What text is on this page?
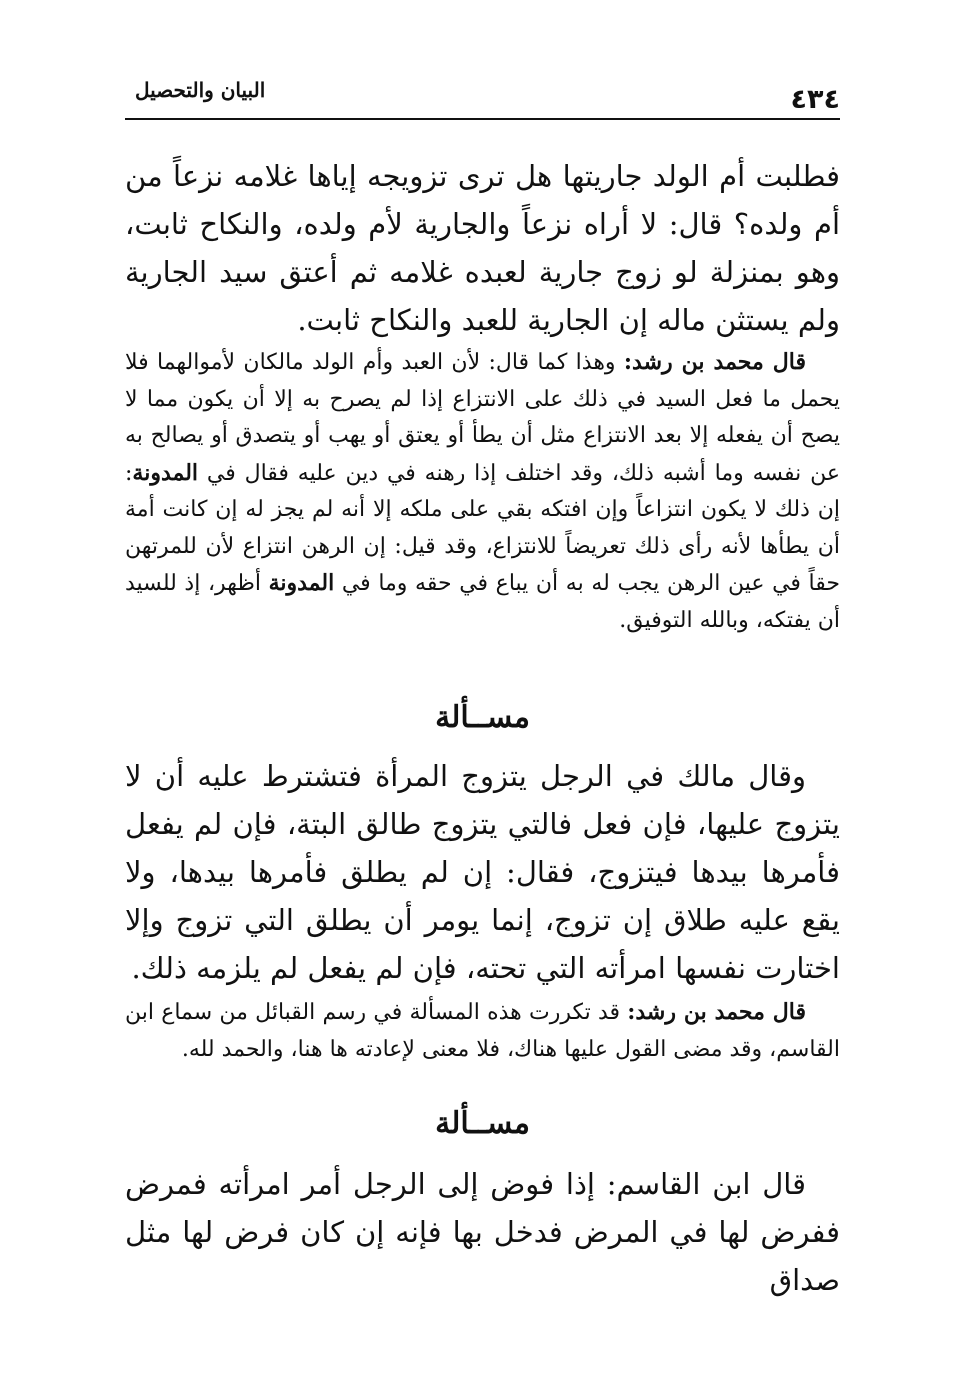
٤٣٤
البيان والتحصيل
فطلبت أم الولد جاريتها هل ترى تزويجه إياها غلامه نزعاً من أم ولده؟ قال: لا أراه نزعاً والجارية لأم ولده، والنكاح ثابت، وهو بمنزلة لو زوج جارية لعبده غلامه ثم أعتق سيد الجارية ولم يستثن ماله إن الجارية للعبد والنكاح ثابت.
قال محمد بن رشد: وهذا كما قال: لأن العبد وأم الولد مالكان لأموالهما فلا يحمل ما فعل السيد في ذلك على الانتزاع إذا لم يصرح به إلا أن يكون مما لا يصح أن يفعله إلا بعد الانتزاع مثل أن يطأ أو يعتق أو يهب أو يتصدق أو يصالح به عن نفسه وما أشبه ذلك، وقد اختلف إذا رهنه في دين عليه فقال في المدونة: إن ذلك لا يكون انتزاعاً وإن افتكه بقي على ملكه إلا أنه لم يجز له إن كانت أمة أن يطأها لأنه رأى ذلك تعريضاً للانتزاع، وقد قيل: إن الرهن انتزاع لأن للمرتهن حقاً في عين الرهن يجب له به أن يباع في حقه وما في المدونة أظهر، إذ للسيد أن يفتكه، وبالله التوفيق.
مســألة
وقال مالك في الرجل يتزوج المرأة فتشترط عليه أن لا يتزوج عليها، فإن فعل فالتي يتزوج طالق البتة، فإن لم يفعل فأمرها بيدها فيتزوج، فقال: إن لم يطلق فأمرها بيدها، ولا يقع عليه طلاق إن تزوج، إنما يومر أن يطلق التي تزوج وإلا اختارت نفسها امرأته التي تحته، فإن لم يفعل لم يلزمه ذلك.
قال محمد بن رشد: قد تكررت هذه المسألة في رسم القبائل من سماع ابن القاسم، وقد مضى القول عليها هناك، فلا معنى لإعادته ها هنا، والحمد لله.
مســألة
قال ابن القاسم: إذا فوض إلى الرجل أمر امرأته فمرض ففرض لها في المرض فدخل بها فإنه إن كان فرض لها مثل صداق
